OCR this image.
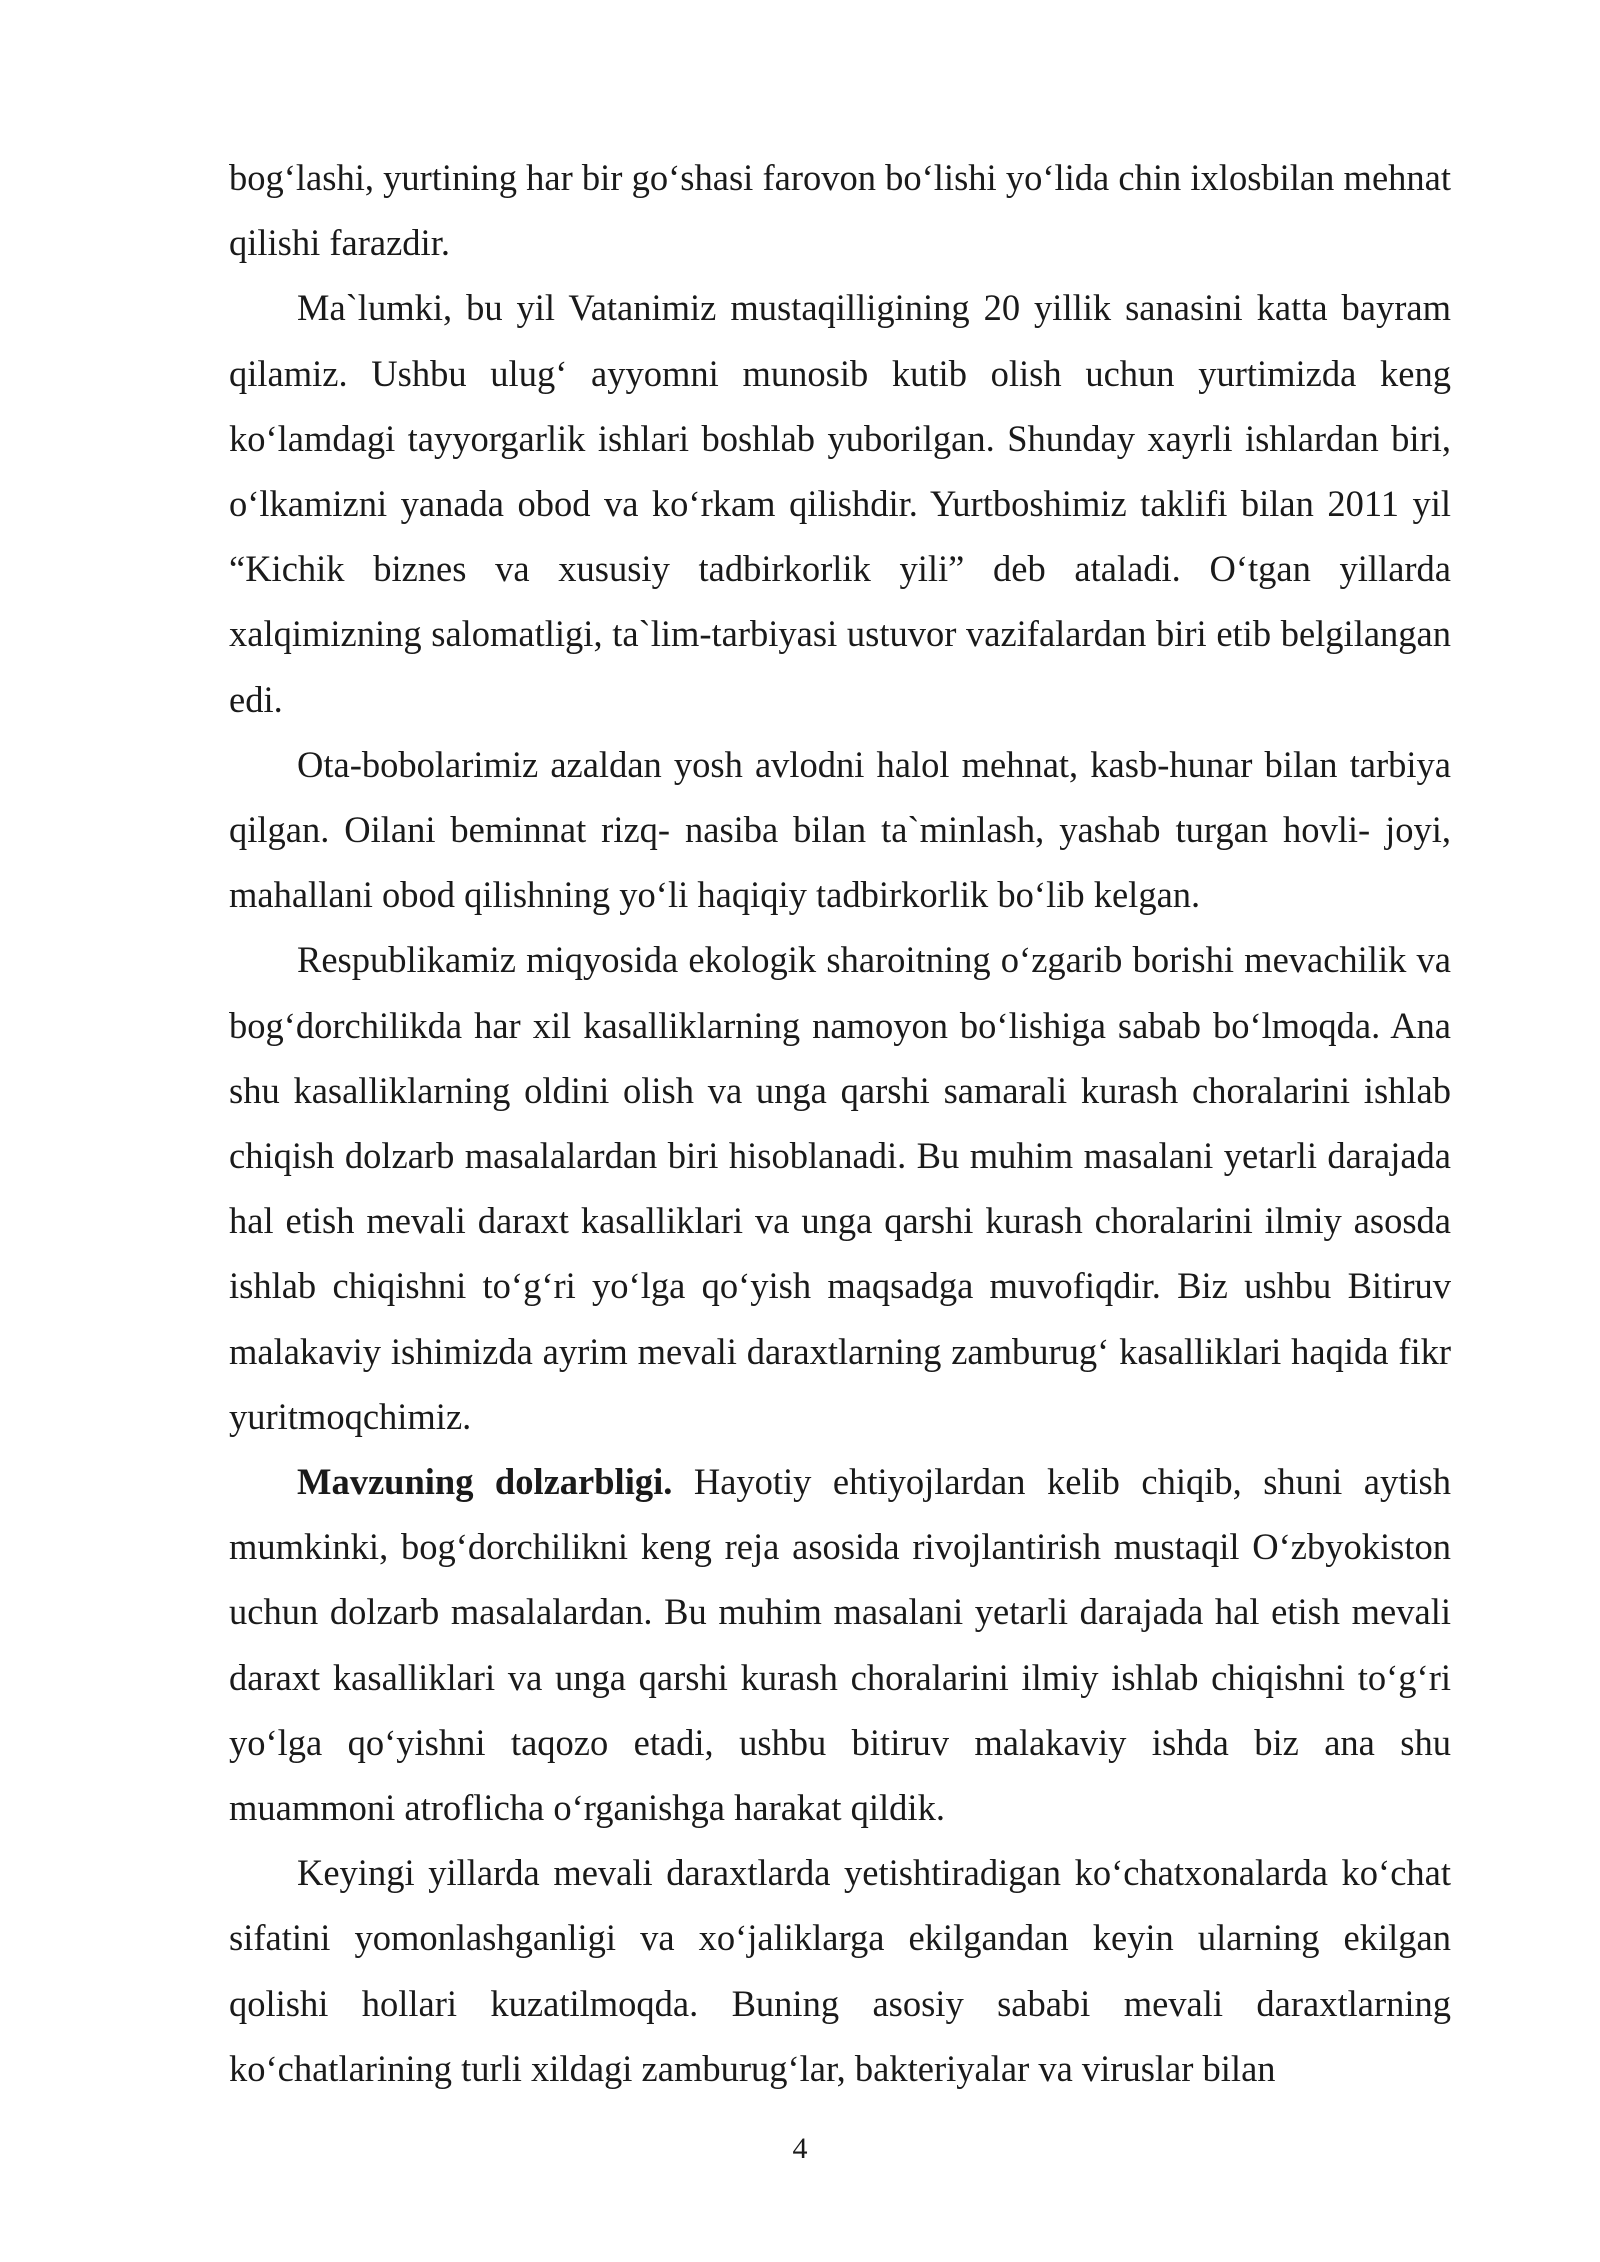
bog‘lashi, yurtining har bir go‘shasi farovon bo‘lishi yo‘lida chin ixlosbilan mehnat qilishi farazdir.

Ma`lumki, bu yil Vatanimiz mustaqilligining 20 yillik sanasini katta bayram qilamiz. Ushbu ulug‘ ayyomni munosib kutib olish uchun yurtimizda keng ko‘lamdagi tayyorgarlik ishlari boshlab yuborilgan. Shunday xayrli ishlardan biri, o‘lkamizni yanada obod va ko‘rkam qilishdir. Yurtboshimiz taklifi bilan 2011 yil “Kichik biznes va xususiy tadbirkorlik yili” deb ataladi. O‘tgan yillarda xalqimizning salomatligi, ta`lim-tarbiyasi ustuvor vazifalardan biri etib belgilangan edi.

Ota-bobolarimiz azaldan yosh avlodni halol mehnat, kasb-hunar bilan tarbiya qilgan. Oilani beminnat rizq- nasiba bilan ta`minlash, yashab turgan hovli- joyi, mahallani obod qilishning yo‘li haqiqiy tadbirkorlik bo‘lib kelgan.

Respublikamiz miqyosida ekologik sharoitning o‘zgarib borishi mevachilik va bog‘dorchilikda har xil kasalliklarning namoyon bo‘lishiga sabab bo‘lmoqda. Ana shu kasalliklarning oldini olish va unga qarshi samarali kurash choralarini ishlab chiqish dolzarb masalalardan biri hisoblanadi. Bu muhim masalani yetarli darajada hal etish mevali daraxt kasalliklari va unga qarshi kurash choralarini ilmiy asosda ishlab chiqishni to‘g‘ri yo‘lga qo‘yish maqsadga muvofiqdir. Biz ushbu Bitiruv malakaviy ishimizda ayrim mevali daraxtlarning zamburug‘ kasalliklari haqida fikr yuritmoqchimiz.

Mavzuning dolzarbligi. Hayotiy ehtiyojlardan kelib chiqib, shuni aytish mumkinki, bog‘dorchilikni keng reja asosida rivojlantirish mustaqil O‘zbyokiston uchun dolzarb masalalardan. Bu muhim masalani yetarli darajada hal etish mevali daraxt kasalliklari va unga qarshi kurash choralarini ilmiy ishlab chiqishni to‘g‘ri yo‘lga qo‘yishni taqozo etadi, ushbu bitiruv malakaviy ishda biz ana shu muammoni atroflicha o‘rganishga harakat qildik.

Keyingi yillarda mevali daraxtlarda yetishtiradigan ko‘chatxonalarda ko‘chat sifatini yomonlashganligi va xo‘jaliklarga ekilgandan keyin ularning ekilgan qolishi hollari kuzatilmoqda. Buning asosiy sababi mevali daraxtlarning ko‘chatlarining turli xildagi zamburug‘lar, bakteriyalar va viruslar bilan

4
